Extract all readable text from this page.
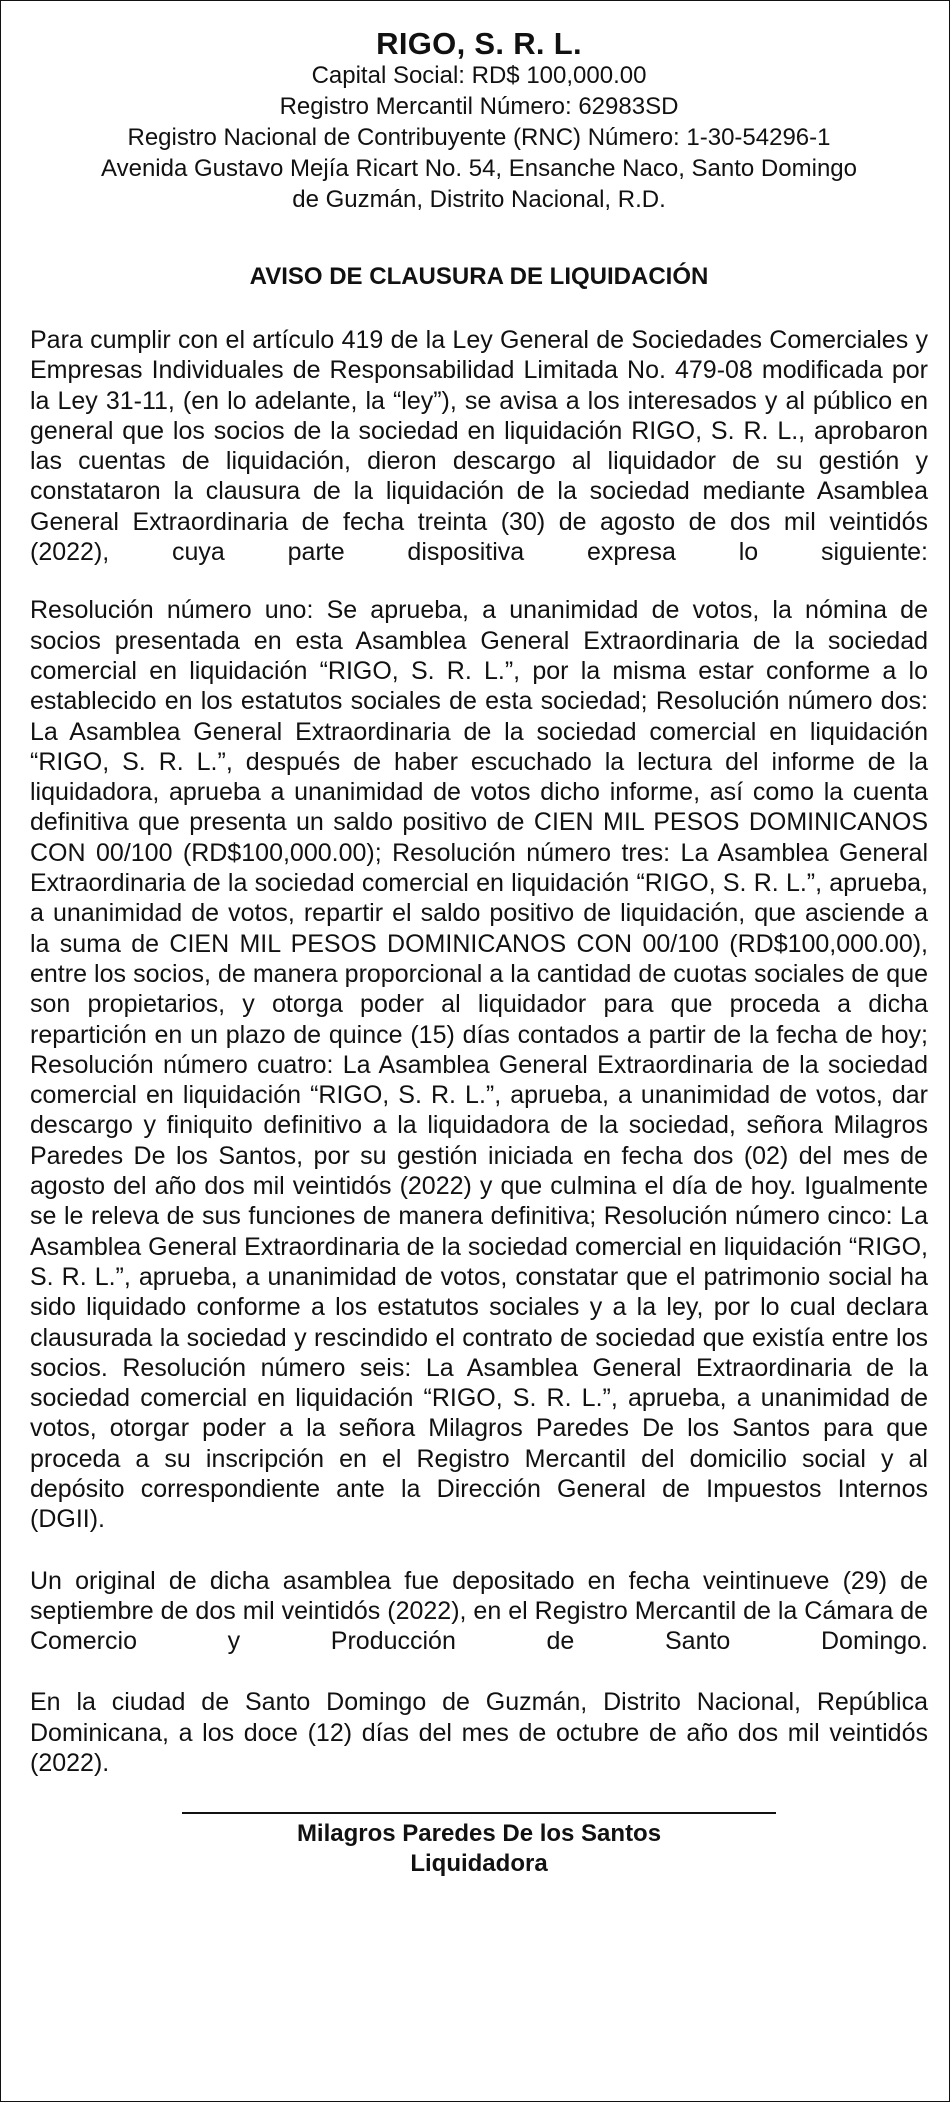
RIGO, S. R. L.
Capital Social: RD$ 100,000.00
Registro Mercantil Número: 62983SD
Registro Nacional de Contribuyente (RNC) Número: 1-30-54296-1
Avenida Gustavo Mejía Ricart No. 54, Ensanche Naco, Santo Domingo
de Guzmán, Distrito Nacional, R.D.
AVISO DE CLAUSURA DE LIQUIDACIÓN

Para cumplir con el artículo 419 de la Ley General de Sociedades Comerciales y Empresas Individuales de Responsabilidad Limitada No. 479-08 modificada por la Ley 31-11, (en lo adelante, la “ley”), se avisa a los interesados y al público en general que los socios de la sociedad en liquidación RIGO, S. R. L., aprobaron las cuentas de liquidación, dieron descargo al liquidador de su gestión y constataron la clausura de la liquidación de la sociedad mediante Asamblea General Extraordinaria de fecha treinta (30) de agosto de dos mil veintidós (2022), cuya parte dispositiva expresa lo siguiente:

Resolución número uno: Se aprueba, a unanimidad de votos, la nómina de socios presentada en esta Asamblea General Extraordinaria de la sociedad comercial en liquidación “RIGO, S. R. L.”, por la misma estar conforme a lo establecido en los estatutos sociales de esta sociedad; Resolución número dos: La Asamblea General Extraordinaria de la sociedad comercial en liquidación “RIGO, S. R. L.”, después de haber escuchado la lectura del informe de la liquidadora, aprueba a unanimidad de votos dicho informe, así como la cuenta definitiva que presenta un saldo positivo de CIEN MIL PESOS DOMINICANOS CON 00/100 (RD$100,000.00); Resolución número tres: La Asamblea General Extraordinaria de la sociedad comercial en liquidación “RIGO, S. R. L.”, aprueba, a unanimidad de votos, repartir el saldo positivo de liquidación, que asciende a la suma de CIEN MIL PESOS DOMINICANOS CON 00/100 (RD$100,000.00), entre los socios, de manera proporcional a la cantidad de cuotas sociales de que son propietarios, y otorga poder al liquidador para que proceda a dicha repartición en un plazo de quince (15) días contados a partir de la fecha de hoy; Resolución número cuatro: La Asamblea General Extraordinaria de la sociedad comercial en liquidación “RIGO, S. R. L.”, aprueba, a unanimidad de votos, dar descargo y finiquito definitivo a la liquidadora de la sociedad, señora Milagros Paredes De los Santos, por su gestión iniciada en fecha dos (02) del mes de agosto del año dos mil veintidós (2022) y que culmina el día de hoy. Igualmente se le releva de sus funciones de manera definitiva; Resolución número cinco: La Asamblea General Extraordinaria de la sociedad comercial en liquidación “RIGO, S. R. L.”, aprueba, a unanimidad de votos, constatar que el patrimonio social ha sido liquidado conforme a los estatutos sociales y a la ley, por lo cual declara clausurada la sociedad y rescindido el contrato de sociedad que existía entre los socios. Resolución número seis: La Asamblea General Extraordinaria de la sociedad comercial en liquidación “RIGO, S. R. L.”, aprueba, a unanimidad de votos, otorgar poder a la señora Milagros Paredes De los Santos para que proceda a su inscripción en el Registro Mercantil del domicilio social y al depósito correspondiente ante la Dirección General de Impuestos Internos (DGII).

Un original de dicha asamblea fue depositado en fecha veintinueve (29) de septiembre de dos mil veintidós (2022), en el Registro Mercantil de la Cámara de Comercio y Producción de Santo Domingo.

En la ciudad de Santo Domingo de Guzmán, Distrito Nacional, República Dominicana, a los doce (12) días del mes de octubre de año dos mil veintidós (2022).

Milagros Paredes De los Santos
Liquidadora
